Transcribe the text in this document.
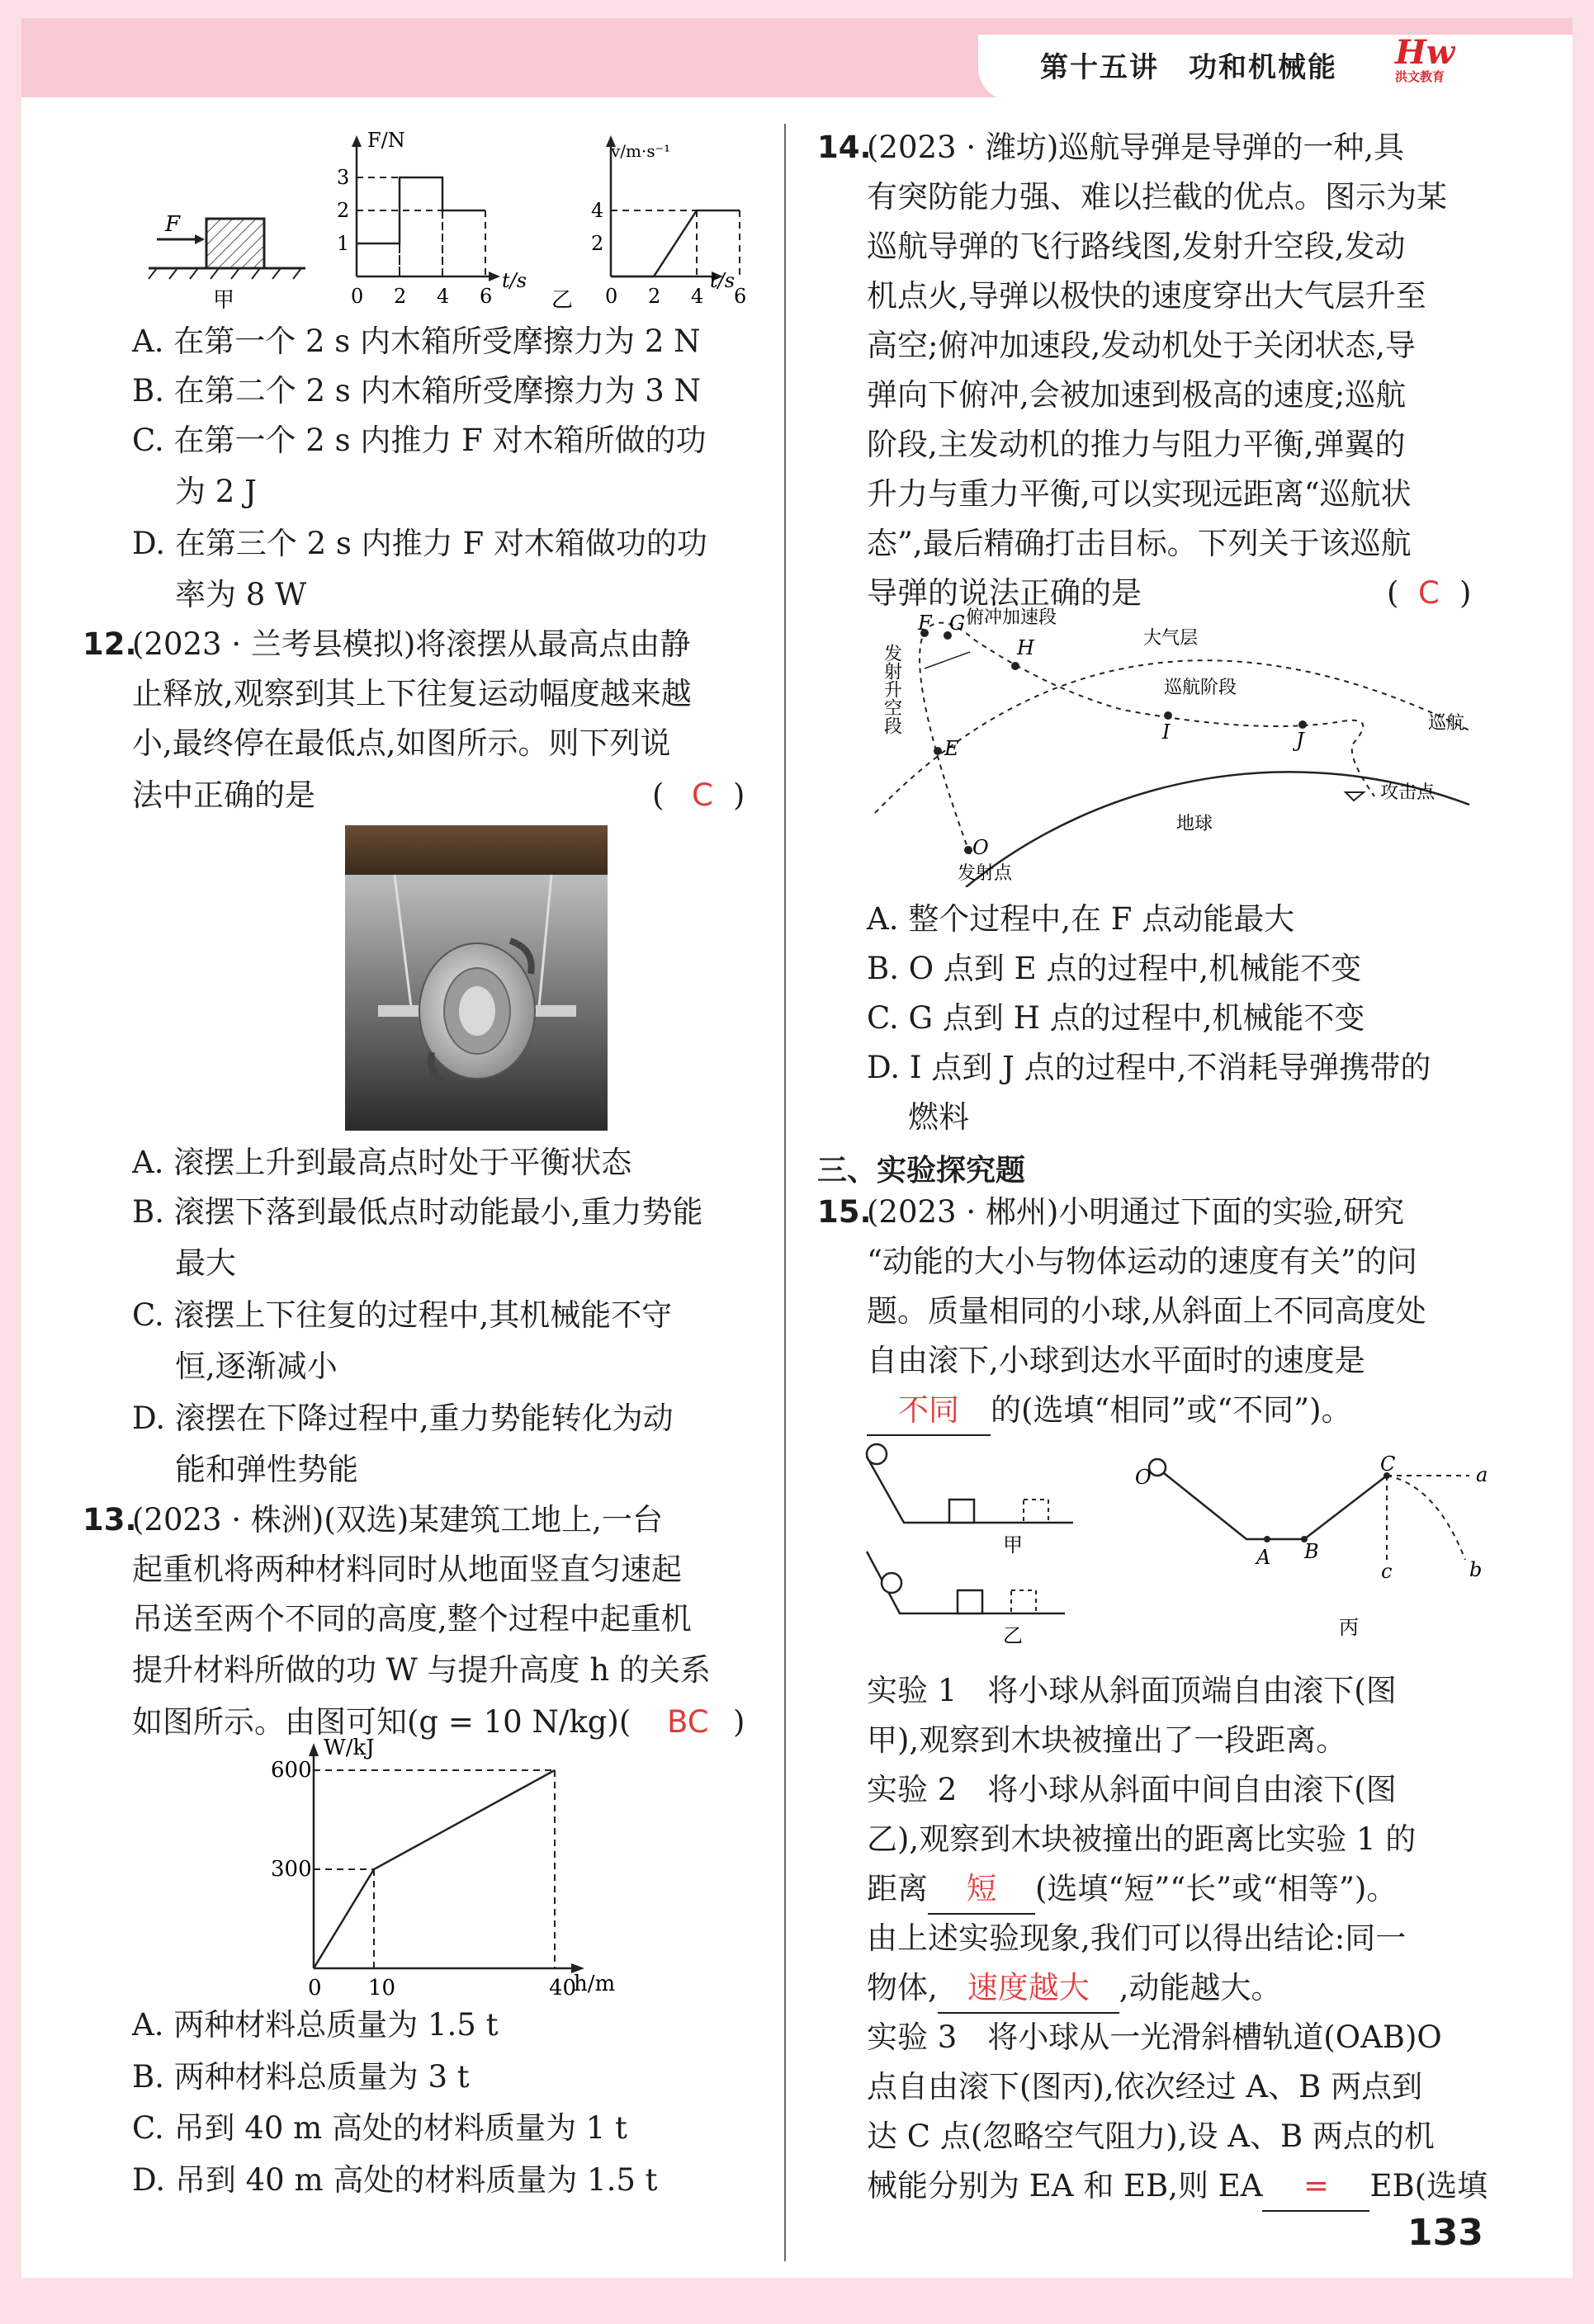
第十五讲　功和机械能 Hw
洪文教育
133
F
甲
F/N
t/s
0 2 4 6
1
2
3
v/m·s⁻¹
t/s
0 2 4 6
2
4
乙
A. 在第一个 2 s 内木箱所受摩擦力为 2 N
B. 在第二个 2 s 内木箱所受摩擦力为 3 N
C. 在第一个 2 s 内推力 F 对木箱所做的功
为 2 J
D. 在第三个 2 s 内推力 F 对木箱做功的功
率为 8 W
12.
(2023 · 兰考县模拟)将滚摆从最高点由静
止释放,观察到其上下往复运动幅度越来越
小,最终停在最低点,如图所示。则下列说
法中正确的是	( C )
A. 滚摆上升到最高点时处于平衡状态
B. 滚摆下落到最低点时动能最小,重力势能
最大
C. 滚摆上下往复的过程中,其机械能不守
恒,逐渐减小
D. 滚摆在下降过程中,重力势能转化为动
能和弹性势能
13.
(2023 · 株洲)(双选)某建筑工地上,一台
起重机将两种材料同时从地面竖直匀速起
吊送至两个不同的高度,整个过程中起重机
提升材料所做的功 W 与提升高度 h 的关系
如图所示。由图可知(g = 10 N/kg)( BC )
W/kJ
h/m
0 10	40
300
600
A. 两种材料总质量为 1.5 t
B. 两种材料总质量为 3 t
C. 吊到 40 m 高处的材料质量为 1 t
D. 吊到 40 m 高处的材料质量为 1.5 t
14.
(2023 · 潍坊)巡航导弹是导弹的一种,具
有突防能力强、难以拦截的优点。图示为某
巡航导弹的飞行路线图,发射升空段,发动
机点火,导弹以极快的速度穿出大气层升至
高空;俯冲加速段,发动机处于关闭状态,导
弹向下俯冲,会被加速到极高的速度;巡航
阶段,主发动机的推力与阻力平衡,弹翼的
升力与重力平衡,可以实现远距离“巡航状
态”,最后精确打击目标。下列关于该巡航
导弹的说法正确的是	( C )
F G
H
I	J
E
O
俯冲加速段
大气层
巡航阶段
巡航
攻击点
地球
发射点
发射升空段
A. 整个过程中,在 F 点动能最大
B. O 点到 E 点的过程中,机械能不变
C. G 点到 H 点的过程中,机械能不变
D. I 点到 J 点的过程中,不消耗导弹携带的
燃料
三、实验探究题
15.
(2023 · 郴州)小明通过下面的实验,研究
“动能的大小与物体运动的速度有关”的问
题。质量相同的小球,从斜面上不同高度处
自由滚下,小球到达水平面时的速度是
不同 的(选填“相同”或“不同”)。
甲
乙
O
A B
C	a
b
c
丙
实验 1　将小球从斜面顶端自由滚下(图
甲),观察到木块被撞出了一段距离。
实验 2　将小球从斜面中间自由滚下(图
乙),观察到木块被撞出的距离比实验 1 的
距离 短 (选填“短”“长”或“相等”)。
由上述实验现象,我们可以得出结论:同一
物体, 速度越大 ,动能越大。
实验 3　将小球从一光滑斜槽轨道(OAB)O
点自由滚下(图丙),依次经过 A、B 两点到
达 C 点(忽略空气阻力),设 A、B 两点的机
械能分别为 EA 和 EB,则 EA = EB(选填
